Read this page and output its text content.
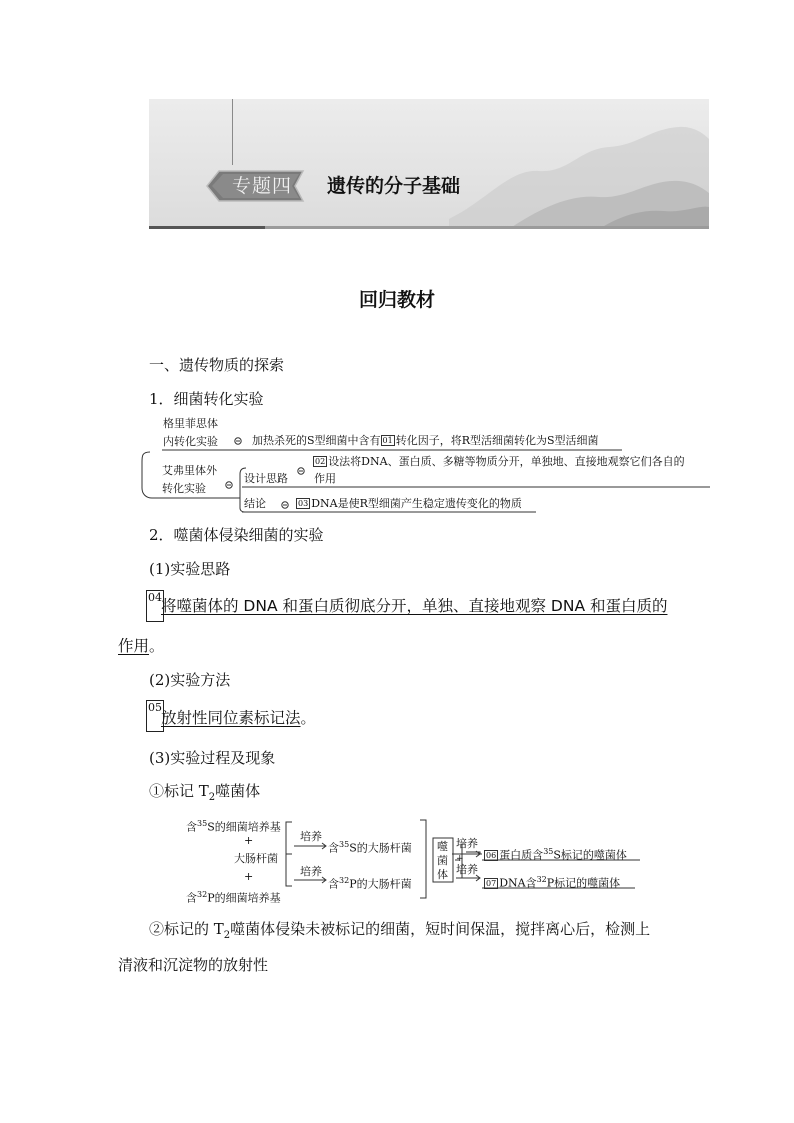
专题四	遗传的分子基础
回归教材
一、遗传物质的探索
1．细菌转化实验
格里菲思体
内转化实验	加热杀死的S型细菌中含有 01 转化因子，将R型活细菌转化为S型活细菌
艾弗里体外
转化实验
设计思路
02 设法将DNA、蛋白质、多糖等物质分开，单独地、直接地观察它们各自的
作用
结论	03 DNA是使R型细菌产生稳定遗传变化的物质
2．噬菌体侵染细菌的实验
(1)实验思路
04 将噬菌体的 DNA 和蛋白质彻底分开，单独、直接地观察 DNA 和蛋白质的
作用。
(2)实验方法
05
放射性同位素标记法。
(3)实验过程及现象
①标记 $T_2$噬菌体
含$^{35}$S的细菌培养基
+
大肠杆菌
+
含$^{32}$P的细菌培养基
培养
培养
含$^{35}$S的大肠杆菌
含$^{32}$P的大肠杆菌
噬
菌
体
+
培养
培养
06 蛋白质含$^{35}$S标记的噬菌体
07 DNA含$^{32}$P标记的噬菌体
②标记的 $T_2$噬菌体侵染未被标记的细菌，短时间保温，搅拌离心后，检测上
清液和沉淀物的放射性
